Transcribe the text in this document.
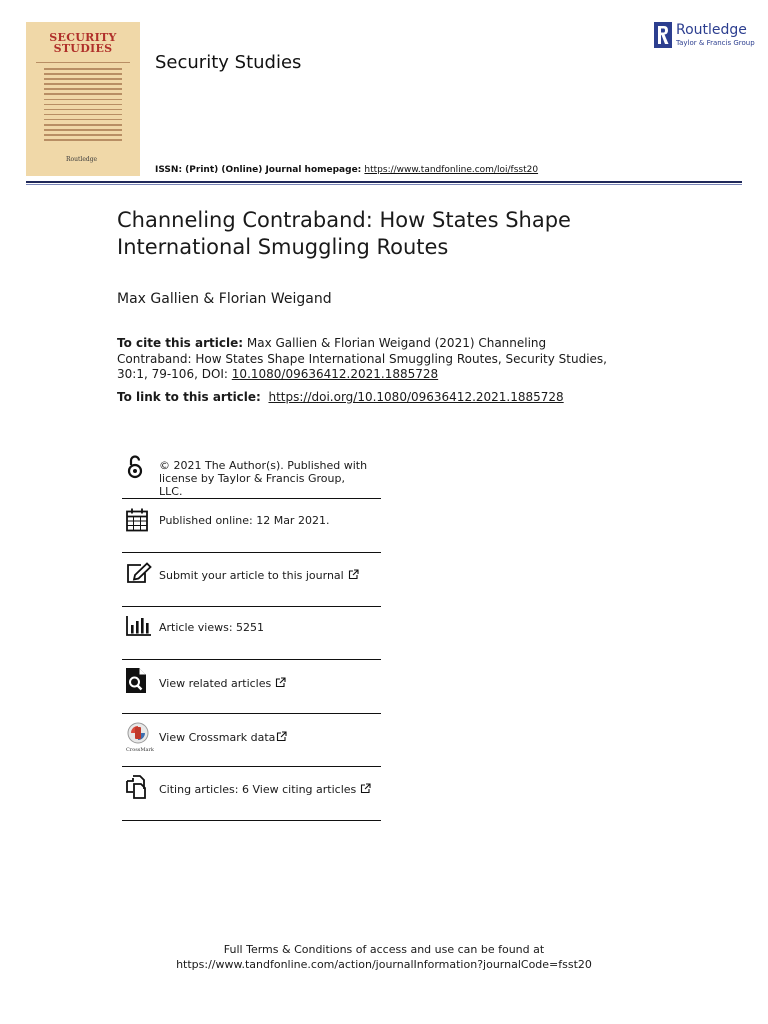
SECURITY
STUDIES
Routledge
Security Studies
ISSN: (Print) (Online) Journal homepage: https://www.tandfonline.com/loi/fsst20
Routledge
Taylor & Francis Group
Channeling Contraband: How States Shape International Smuggling Routes
Max Gallien & Florian Weigand
To cite this article: Max Gallien & Florian Weigand (2021) Channeling Contraband: How States Shape International Smuggling Routes, Security Studies, 30:1, 79-106, DOI: 10.1080/09636412.2021.1885728
To link to this article: https://doi.org/10.1080/09636412.2021.1885728
© 2021 The Author(s). Published with license by Taylor & Francis Group, LLC.
Published online: 12 Mar 2021.
Submit your article to this journal
Article views: 5251
View related articles
CrossMark
View Crossmark data
Citing articles: 6 View citing articles
Full Terms & Conditions of access and use can be found at
https://www.tandfonline.com/action/journalInformation?journalCode=fsst20
